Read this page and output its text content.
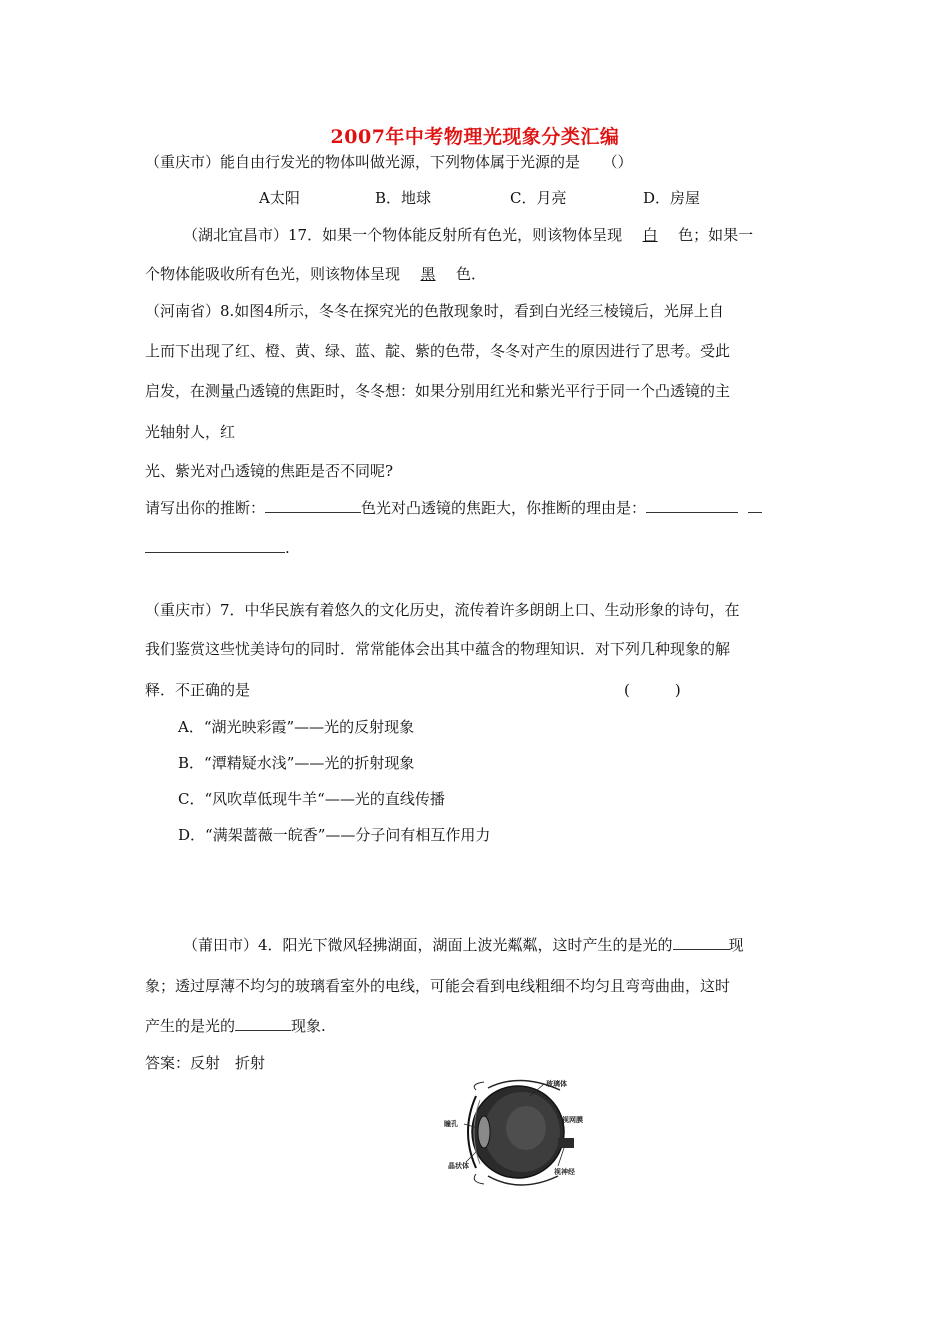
2007年中考物理光现象分类汇编
（重庆市）能自由行发光的物体叫做光源，下列物体属于光源的是　　（）
A太阳	B．地球	C．月亮	D．房屋
（湖北宜昌市）17．如果一个物体能反射所有色光，则该物体呈现 白 色；如果一
个物体能吸收所有色光，则该物体呈现 黑 色．
（河南省）8.如图4所示，冬冬在探究光的色散现象时，看到白光经三棱镜后，光屏上自
上而下出现了红、橙、黄、绿、蓝、靛、紫的色带，冬冬对产生的原因进行了思考。受此
启发，在测量凸透镜的焦距时，冬冬想：如果分别用红光和紫光平行于同一个凸透镜的主
光轴射人，红
光、紫光对凸透镜的焦距是否不同呢?
请写出你的推断：	色光对凸透镜的焦距大，你推断的理由是：
.
（重庆市）7．中华民族有着悠久的文化历史，流传着许多朗朗上口、生动形象的诗句，在
我们鉴赏这些忧美诗句的同时．常常能体会出其中蕴含的物理知识．对下列几种现象的解
释．不正确的是	(　　　)
A．“湖光映彩霞”——光的反射现象
B．“潭精疑水浅”——光的折射现象
C．“风吹草低现牛羊“——光的直线传播
D．“满架蔷薇一皖香”——分子问有相互作用力
（莆田市）4．阳光下微风轻拂湖面，湖面上波光粼粼，这时产生的是光的	现
象；透过厚薄不均匀的玻璃看室外的电线，可能会看到电线粗细不均匀且弯弯曲曲，这时
产生的是光的	现象.
答案：反射　折射
玻璃体
视网膜
瞳孔
晶状体
视神经
